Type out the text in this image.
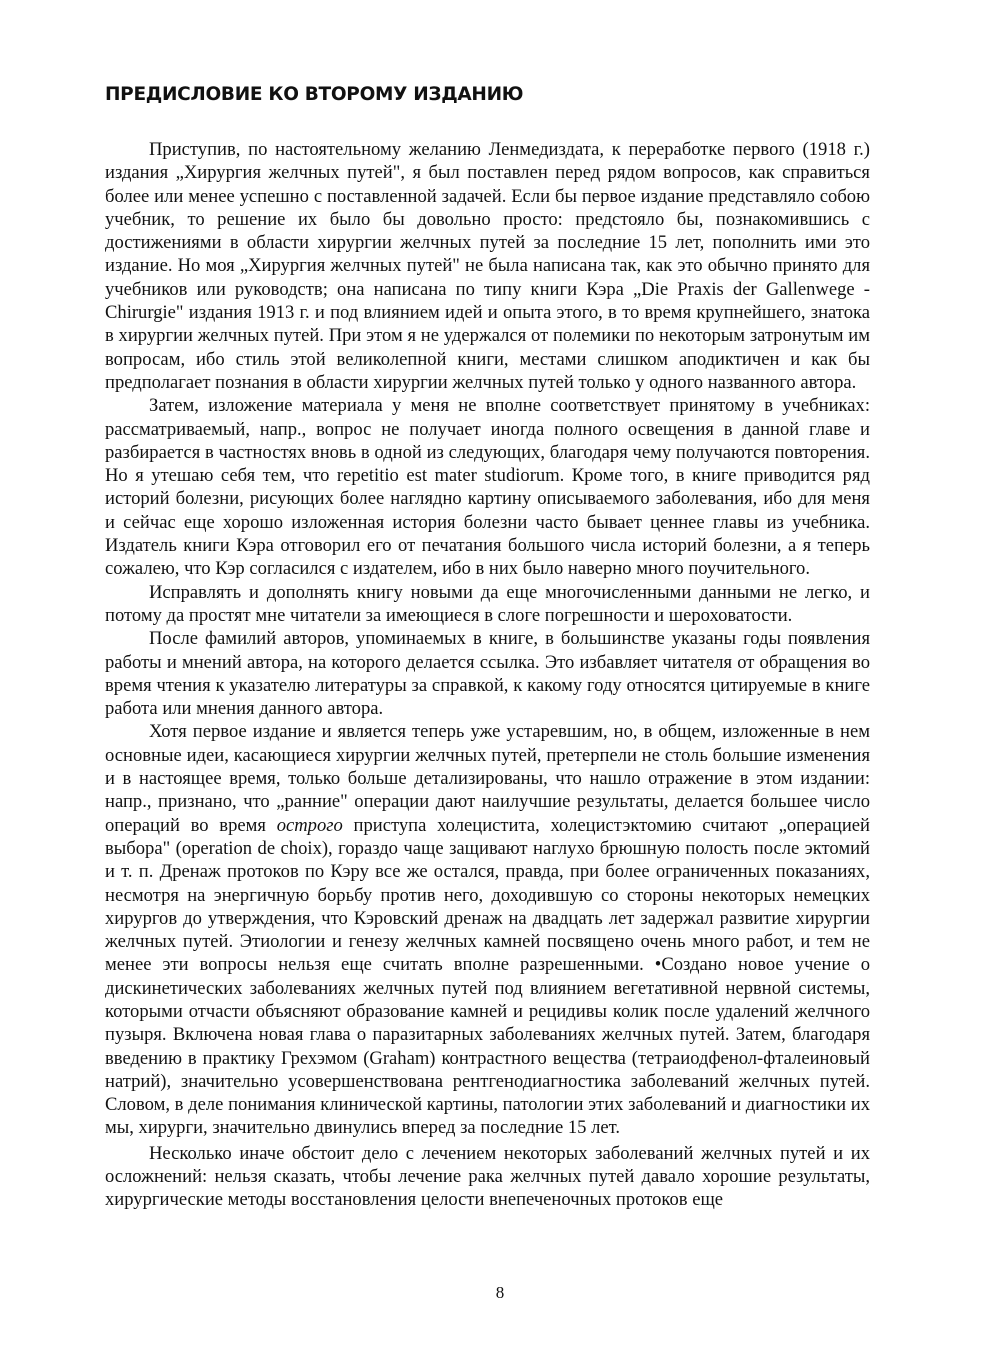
ПРЕДИСЛОВИЕ КО ВТОРОМУ ИЗДАНИЮ

Приступив, по настоятельному желанию Ленмедиздата, к переработке первого (1918 г.) издания „Хирургия желчных путей", я был поставлен перед рядом вопросов, как справиться более или менее успешно с поставленной задачей. Если бы первое издание представляло собою учебник, то решение их было бы довольно просто: предстояло бы, познакомившись с достижениями в области хирургии желчных путей за последние 15 лет, пополнить ими это издание. Но моя „Хирургия желчных путей" не была написана так, как это обычно принято для учебников или руководств; она написана по типу книги Кэра „Die Praxis der Gallenwege - Chirurgie" издания 1913 г. и под влиянием идей и опыта этого, в то время крупнейшего, знатока в хирургии желчных путей. При этом я не удержался от полемики по некоторым затронутым им вопросам, ибо стиль этой великолепной книги, местами слишком аподиктичен и как бы предполагает познания в области хирургии желчных путей только у одного названного автора.

Затем, изложение материала у меня не вполне соответствует принятому в учебниках: рассматриваемый, напр., вопрос не получает иногда полного освещения в данной главе и разбирается в частностях вновь в одной из следующих, благодаря чему получаются повторения. Но я утешаю себя тем, что repetitio est mater studiorum. Кроме того, в книге приводится ряд историй болезни, рисующих более наглядно картину описываемого заболевания, ибо для меня и сейчас еще хорошо изложенная история болезни часто бывает ценнее главы из учебника. Издатель книги Кэра отговорил его от печатания большого числа историй болезни, а я теперь сожалею, что Кэр согласился с издателем, ибо в них было наверно много поучительного.

Исправлять и дополнять книгу новыми да еще многочисленными данными не легко, и потому да простят мне читатели за имеющиеся в слоге погрешности и шероховатости.

После фамилий авторов, упоминаемых в книге, в большинстве указаны годы появления работы и мнений автора, на которого делается ссылка. Это избавляет читателя от обращения во время чтения к указателю литературы за справкой, к какому году относятся цитируемые в книге работа или мнения данного автора.

Хотя первое издание и является теперь уже устаревшим, но, в общем, изложенные в нем основные идеи, касающиеся хирургии желчных путей, претерпели не столь большие изменения и в настоящее время, только больше детализированы, что нашло отражение в этом издании: напр., признано, что „ранние" операции дают наилучшие результаты, делается большее число операций во время острого приступа холецистита, холецистэктомию считают „операцией выбора" (operation de choix), гораздо чаще защивают наглухо брюшную полость после эктомий и т. п. Дренаж протоков по Кэру все же остался, правда, при более ограниченных показаниях, несмотря на энергичную борьбу против него, доходившую со стороны некоторых немецких хирургов до утверждения, что Кэровский дренаж на двадцать лет задержал развитие хирургии желчных путей. Этиологии и генезу желчных камней посвящено очень много работ, и тем не менее эти вопросы нельзя еще считать вполне разрешенными. •Создано новое учение о дискинетических заболеваниях желчных путей под влиянием вегетативной нервной системы, которыми отчасти объясняют образование камней и рецидивы колик после удалений желчного пузыря. Включена новая глава о паразитарных заболеваниях желчных путей. Затем, благодаря введению в практику Грехэмом (Graham) контрастного вещества (тетраиодфенол-фталеиновый натрий), значительно усовершенствована рентгенодиагностика заболеваний желчных путей. Словом, в деле понимания клинической картины, патологии этих заболеваний и диагностики их мы, хирурги, значительно двинулись вперед за последние 15 лет.

Несколько иначе обстоит дело с лечением некоторых заболеваний желчных путей и их осложнений: нельзя сказать, чтобы лечение рака желчных путей давало хорошие результаты, хирургические методы восстановления целости внепеченочных протоков еще

8
